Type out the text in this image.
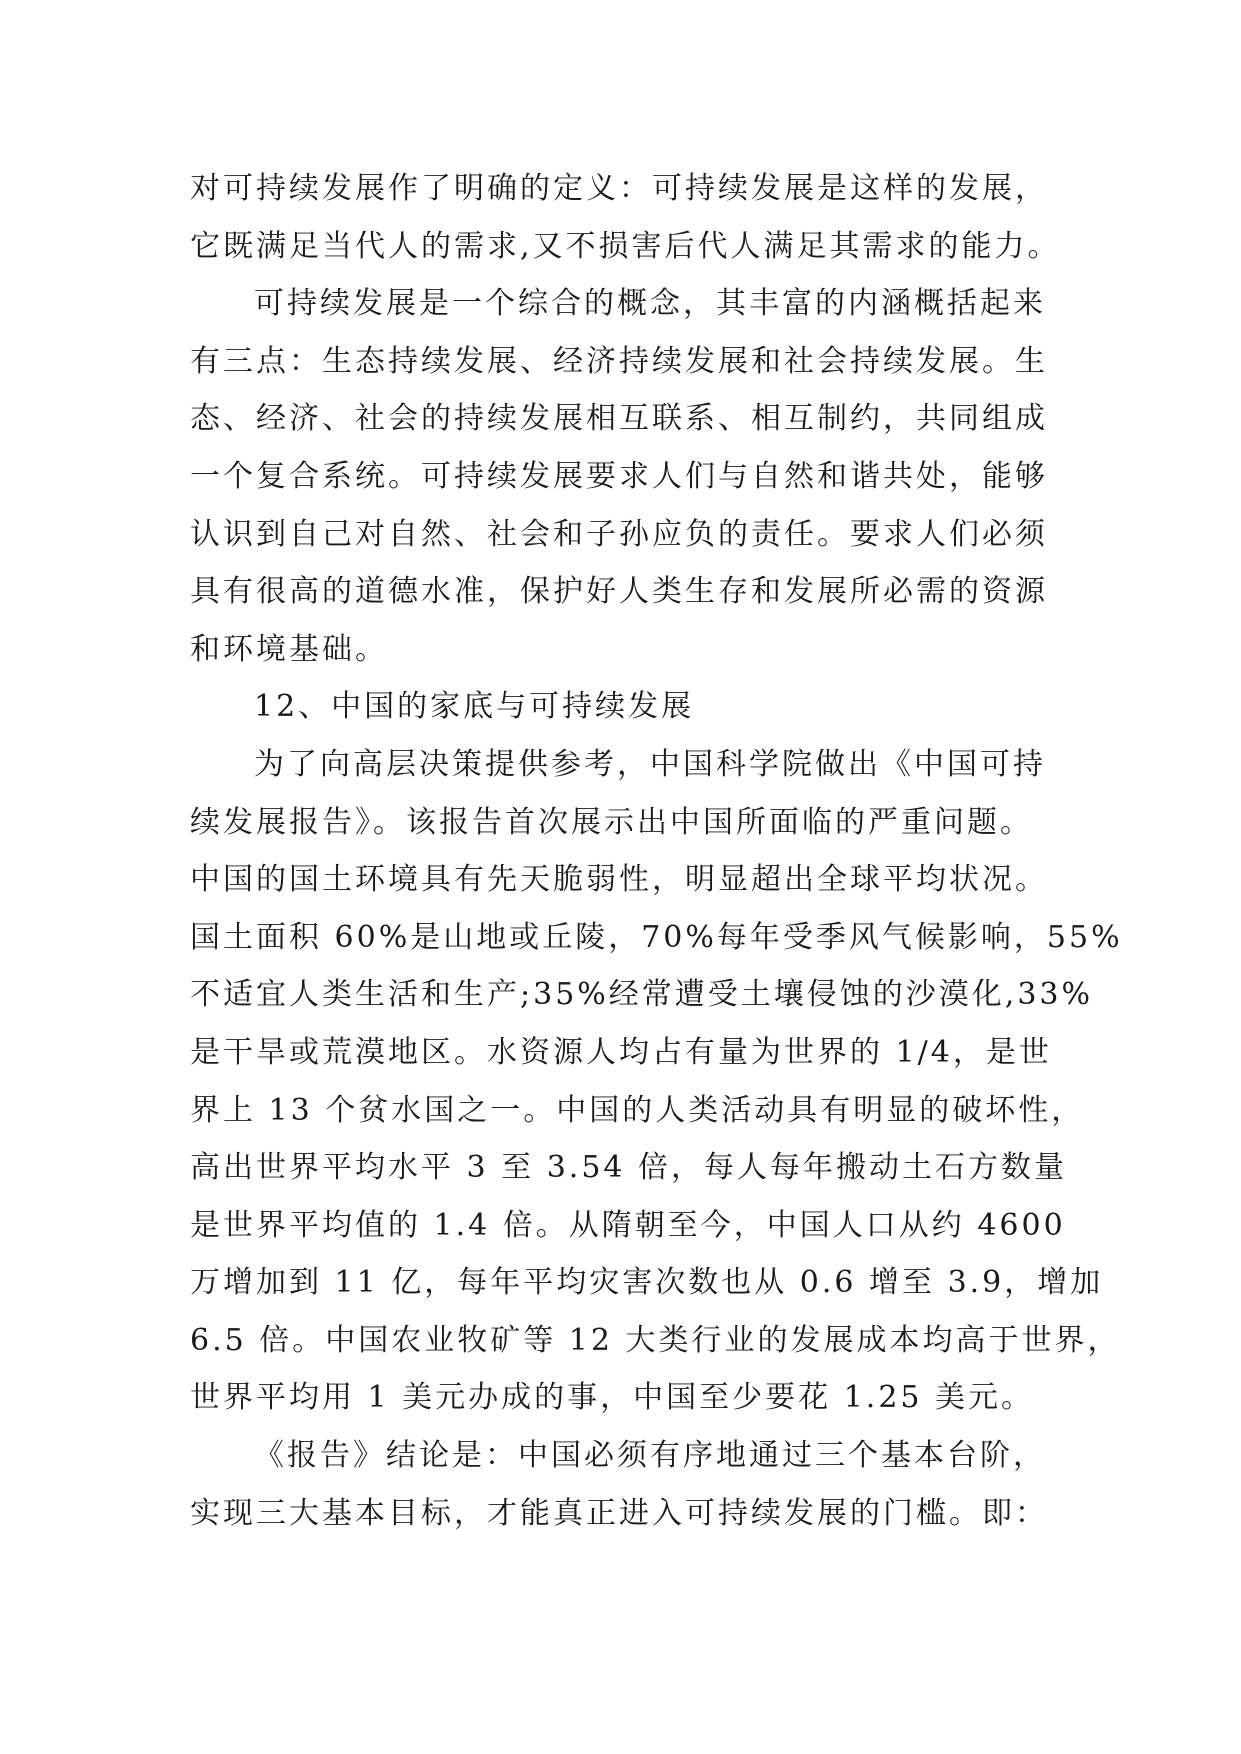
对可持续发展作了明确的定义：可持续发展是这样的发展，
它既满足当代人的需求,又不损害后代人满足其需求的能力。
可持续发展是一个综合的概念，其丰富的内涵概括起来
有三点：生态持续发展、经济持续发展和社会持续发展。生
态、经济、社会的持续发展相互联系、相互制约，共同组成
一个复合系统。可持续发展要求人们与自然和谐共处，能够
认识到自己对自然、社会和子孙应负的责任。要求人们必须
具有很高的道德水准，保护好人类生存和发展所必需的资源
和环境基础。
12、中国的家底与可持续发展
为了向高层决策提供参考，中国科学院做出《中国可持
续发展报告》。该报告首次展示出中国所面临的严重问题。
中国的国土环境具有先天脆弱性，明显超出全球平均状况。
国土面积 60%是山地或丘陵，70%每年受季风气候影响，55%
不适宜人类生活和生产;35%经常遭受土壤侵蚀的沙漠化,33%
是干旱或荒漠地区。水资源人均占有量为世界的 1/4，是世
界上 13 个贫水国之一。中国的人类活动具有明显的破坏性，
高出世界平均水平 3 至 3.54 倍，每人每年搬动土石方数量
是世界平均值的 1.4 倍。从隋朝至今，中国人口从约 4600
万增加到 11 亿，每年平均灾害次数也从 0.6 增至 3.9，增加
6.5 倍。中国农业牧矿等 12 大类行业的发展成本均高于世界，
世界平均用 1 美元办成的事，中国至少要花 1.25 美元。
《报告》结论是：中国必须有序地通过三个基本台阶，
实现三大基本目标，才能真正进入可持续发展的门槛。即：
